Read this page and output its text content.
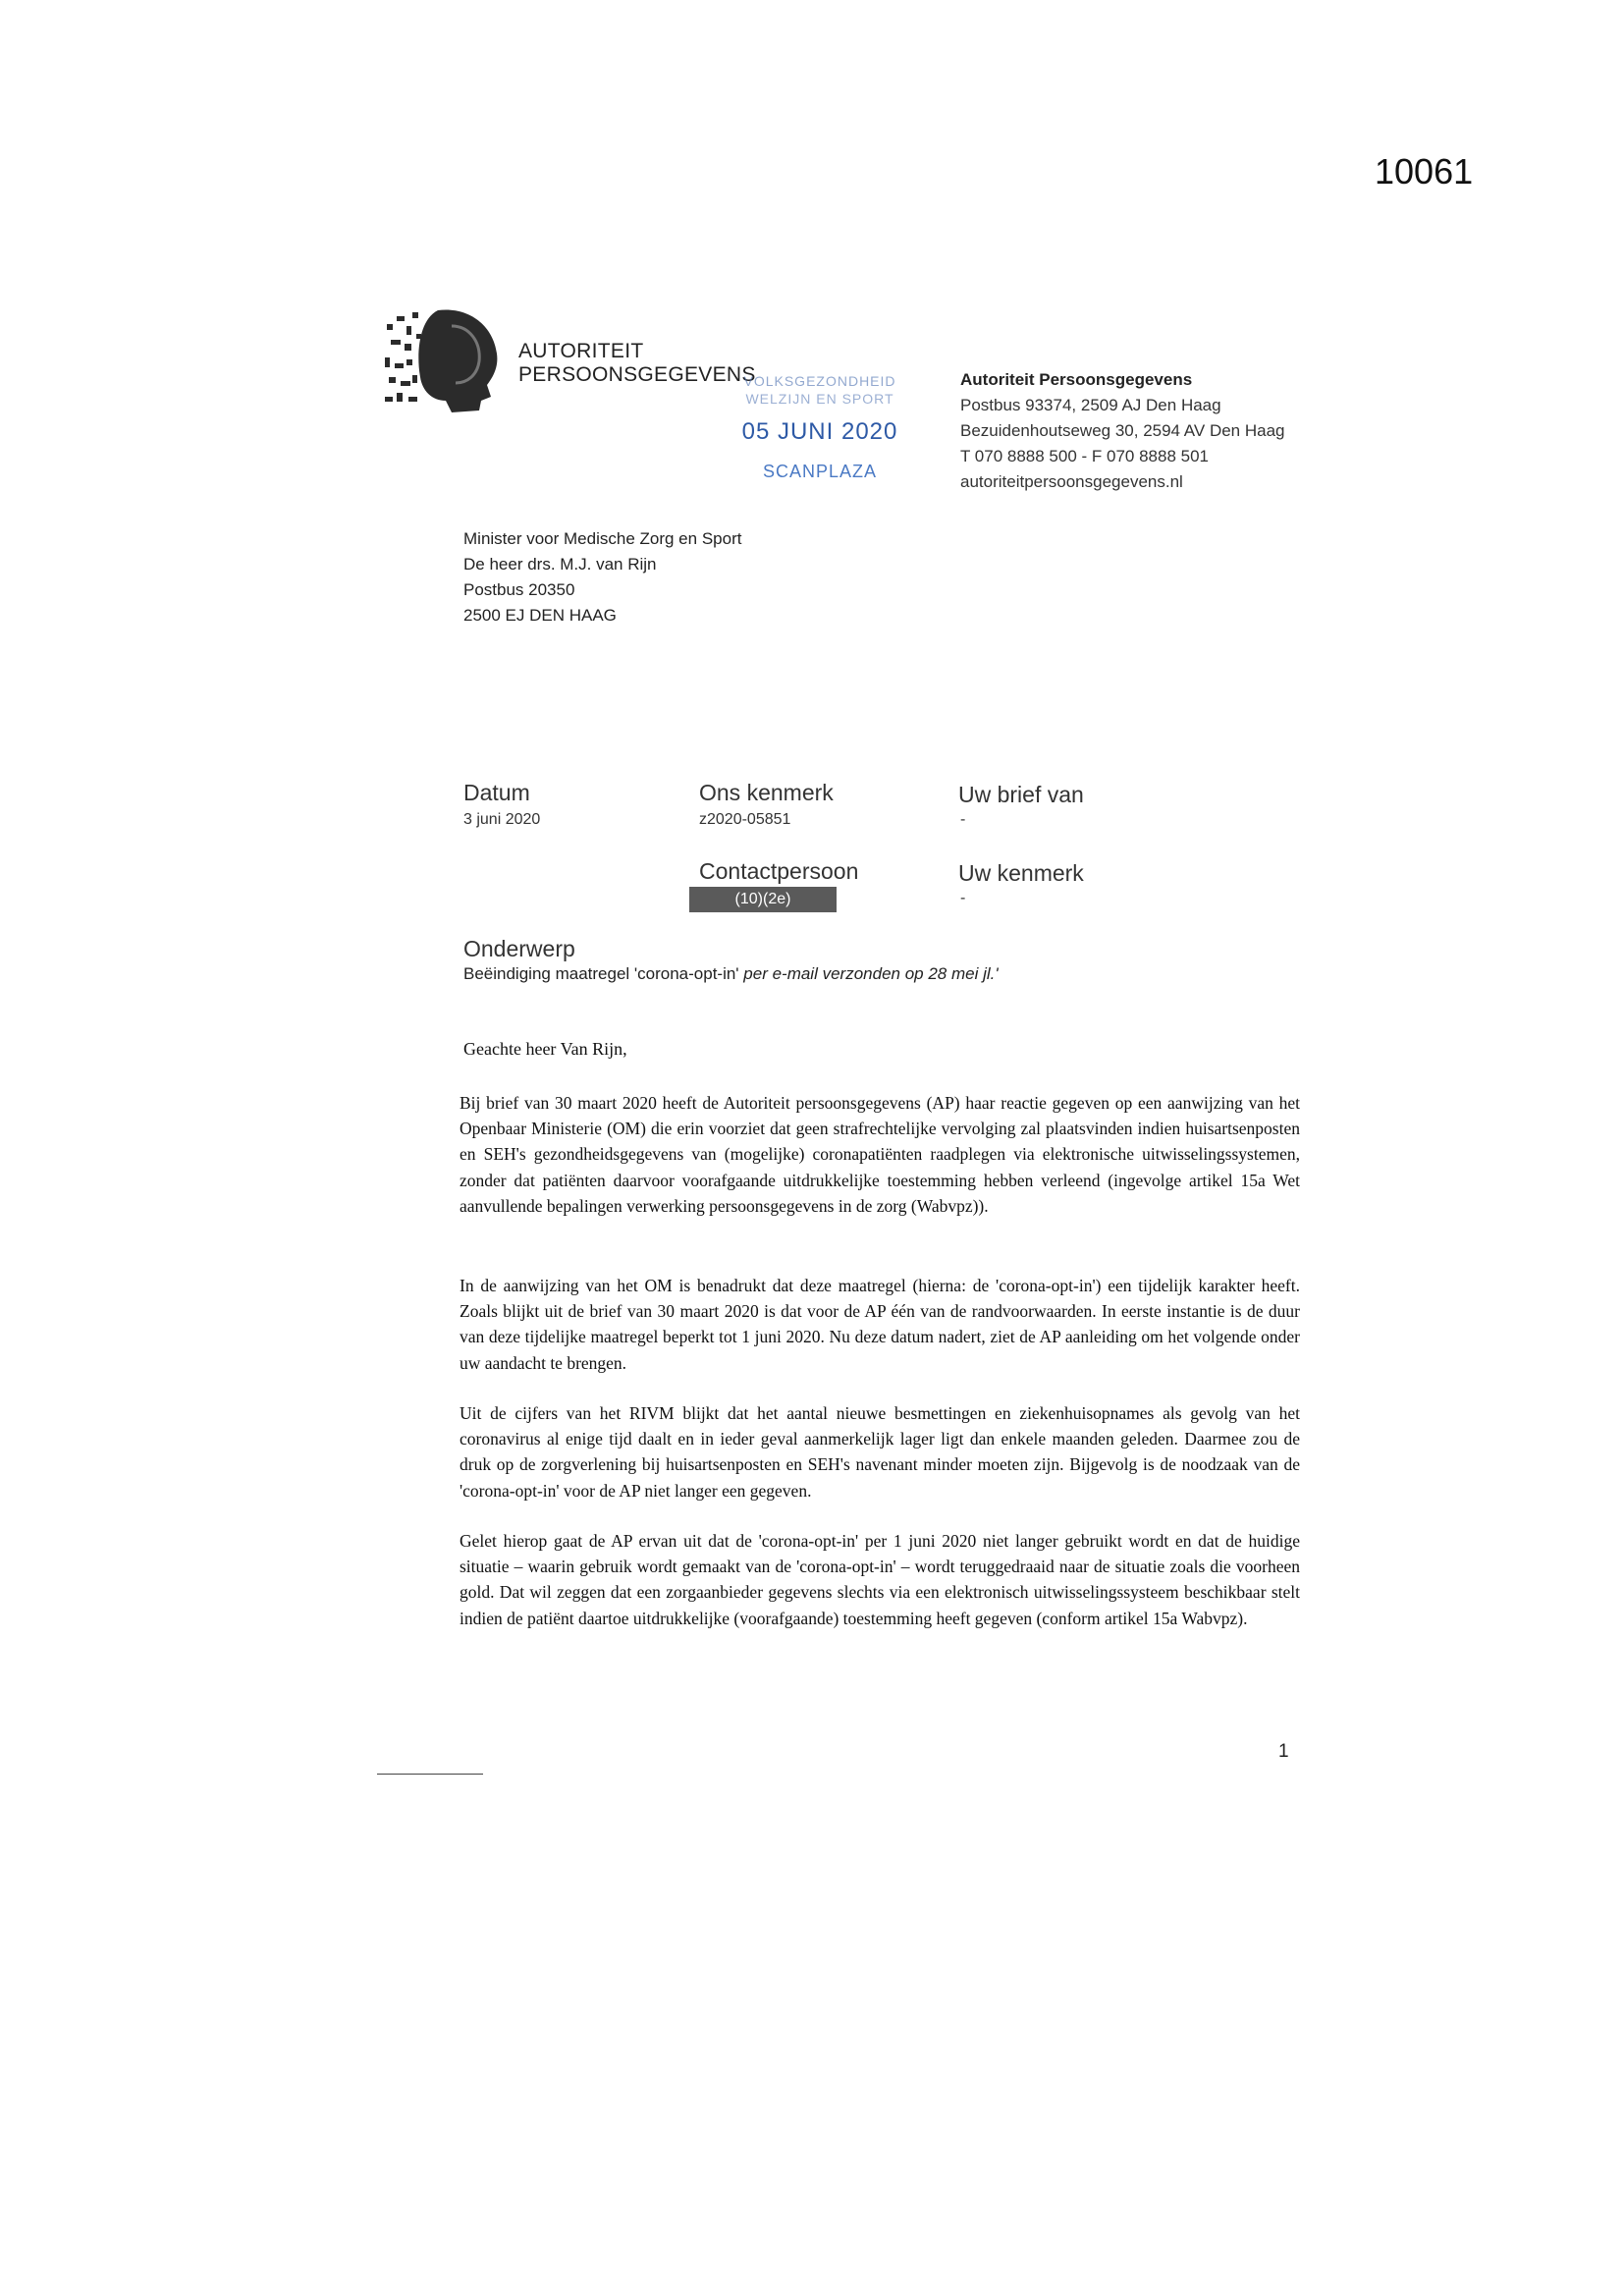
10061
AUTORITEIT
PERSOONSGEGEVENS
VOLKSGEZONDHEID
WELZIJN EN SPORT
05 JUNI 2020
SCANPLAZA
Autoriteit Persoonsgegevens
Postbus 93374, 2509 AJ Den Haag
Bezuidenhoutseweg 30, 2594 AV Den Haag
T 070 8888 500 - F 070 8888 501
autoriteitpersoonsgegevens.nl
Minister voor Medische Zorg en Sport
De heer drs. M.J. van Rijn
Postbus 20350
2500 EJ DEN HAAG
Datum
3 juni 2020
Ons kenmerk
z2020-05851
Uw brief van
-
Contactpersoon
(10)(2e)
Uw kenmerk
-
Onderwerp
Beëindiging maatregel 'corona-opt-in' per e-mail verzonden op 28 mei jl.'
Geachte heer Van Rijn,
Bij brief van 30 maart 2020 heeft de Autoriteit persoonsgegevens (AP) haar reactie gegeven op een aanwijzing van het Openbaar Ministerie (OM) die erin voorziet dat geen strafrechtelijke vervolging zal plaatsvinden indien huisartsenposten en SEH's gezondheidsgegevens van (mogelijke) coronapatiënten raadplegen via elektronische uitwisselingssystemen, zonder dat patiënten daarvoor voorafgaande uitdrukkelijke toestemming hebben verleend (ingevolge artikel 15a Wet aanvullende bepalingen verwerking persoonsgegevens in de zorg (Wabvpz)).
In de aanwijzing van het OM is benadrukt dat deze maatregel (hierna: de 'corona-opt-in') een tijdelijk karakter heeft. Zoals blijkt uit de brief van 30 maart 2020 is dat voor de AP één van de randvoorwaarden. In eerste instantie is de duur van deze tijdelijke maatregel beperkt tot 1 juni 2020. Nu deze datum nadert, ziet de AP aanleiding om het volgende onder uw aandacht te brengen.
Uit de cijfers van het RIVM blijkt dat het aantal nieuwe besmettingen en ziekenhuisopnames als gevolg van het coronavirus al enige tijd daalt en in ieder geval aanmerkelijk lager ligt dan enkele maanden geleden. Daarmee zou de druk op de zorgverlening bij huisartsenposten en SEH's navenant minder moeten zijn. Bijgevolg is de noodzaak van de 'corona-opt-in' voor de AP niet langer een gegeven.
Gelet hierop gaat de AP ervan uit dat de 'corona-opt-in' per 1 juni 2020 niet langer gebruikt wordt en dat de huidige situatie – waarin gebruik wordt gemaakt van de 'corona-opt-in' – wordt teruggedraaid naar de situatie zoals die voorheen gold. Dat wil zeggen dat een zorgaanbieder gegevens slechts via een elektronisch uitwisselingssysteem beschikbaar stelt indien de patiënt daartoe uitdrukkelijke (voorafgaande) toestemming heeft gegeven (conform artikel 15a Wabvpz).
1
